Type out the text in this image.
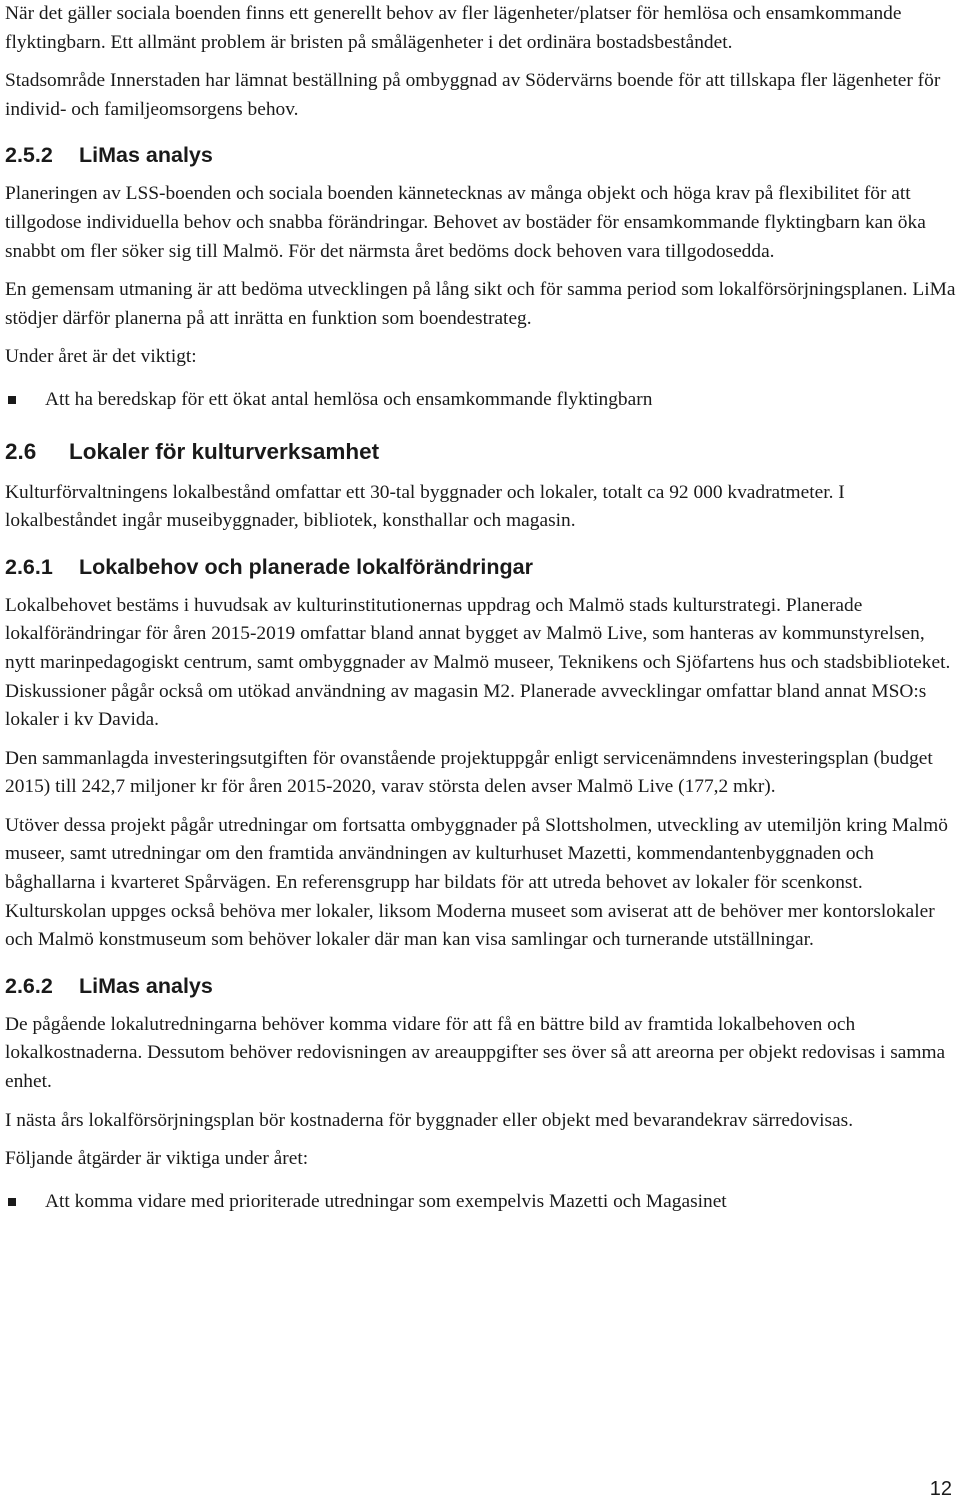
När det gäller sociala boenden finns ett generellt behov av fler lägenheter/platser för hemlösa och ensamkommande flyktingbarn. Ett allmänt problem är bristen på smålägenheter i det ordinära bostadsbeståndet.

Stadsområde Innerstaden har lämnat beställning på ombyggnad av Södervärns boende för att tillskapa fler lägenheter för individ- och familjeomsorgens behov.

2.5.2 LiMas analys

Planeringen av LSS-boenden och sociala boenden kännetecknas av många objekt och höga krav på flexibilitet för att tillgodose individuella behov och snabba förändringar. Behovet av bostäder för ensamkommande flyktingbarn kan öka snabbt om fler söker sig till Malmö. För det närmsta året bedöms dock behoven vara tillgodosedda.

En gemensam utmaning är att bedöma utvecklingen på lång sikt och för samma period som lokalförsörjningsplanen. LiMa stödjer därför planerna på att inrätta en funktion som boendestrateg.

Under året är det viktigt:

Att ha beredskap för ett ökat antal hemlösa och ensamkommande flyktingbarn

2.6 Lokaler för kulturverksamhet

Kulturförvaltningens lokalbestånd omfattar ett 30-tal byggnader och lokaler, totalt ca 92 000 kvadratmeter. I lokalbeståndet ingår museibyggnader, bibliotek, konsthallar och magasin.

2.6.1 Lokalbehov och planerade lokalförändringar

Lokalbehovet bestäms i huvudsak av kulturinstitutionernas uppdrag och Malmö stads kulturstrategi. Planerade lokalförändringar för åren 2015-2019 omfattar bland annat bygget av Malmö Live, som hanteras av kommunstyrelsen, nytt marinpedagogiskt centrum, samt ombyggnader av Malmö museer, Teknikens och Sjöfartens hus och stadsbiblioteket. Diskussioner pågår också om utökad användning av magasin M2. Planerade avvecklingar omfattar bland annat MSO:s lokaler i kv Davida.

Den sammanlagda investeringsutgiften för ovanstående projektuppgår enligt servicenämndens investeringsplan (budget 2015) till 242,7 miljoner kr för åren 2015-2020, varav största delen avser Malmö Live (177,2 mkr).

Utöver dessa projekt pågår utredningar om fortsatta ombyggnader på Slottsholmen, utveckling av utemiljön kring Malmö museer, samt utredningar om den framtida användningen av kulturhuset Mazetti, kommendantenbyggnaden och båghallarna i kvarteret Spårvägen. En referensgrupp har bildats för att utreda behovet av lokaler för scenkonst. Kulturskolan uppges också behöva mer lokaler, liksom Moderna museet som aviserat att de behöver mer kontorslokaler och Malmö konstmuseum som behöver lokaler där man kan visa samlingar och turnerande utställningar.

2.6.2 LiMas analys

De pågående lokalutredningarna behöver komma vidare för att få en bättre bild av framtida lokalbehoven och lokalkostnaderna. Dessutom behöver redovisningen av areauppgifter ses över så att areorna per objekt redovisas i samma enhet.

I nästa års lokalförsörjningsplan bör kostnaderna för byggnader eller objekt med bevarandekrav särredovisas.

Följande åtgärder är viktiga under året:

Att komma vidare med prioriterade utredningar som exempelvis Mazetti och Magasinet

12
